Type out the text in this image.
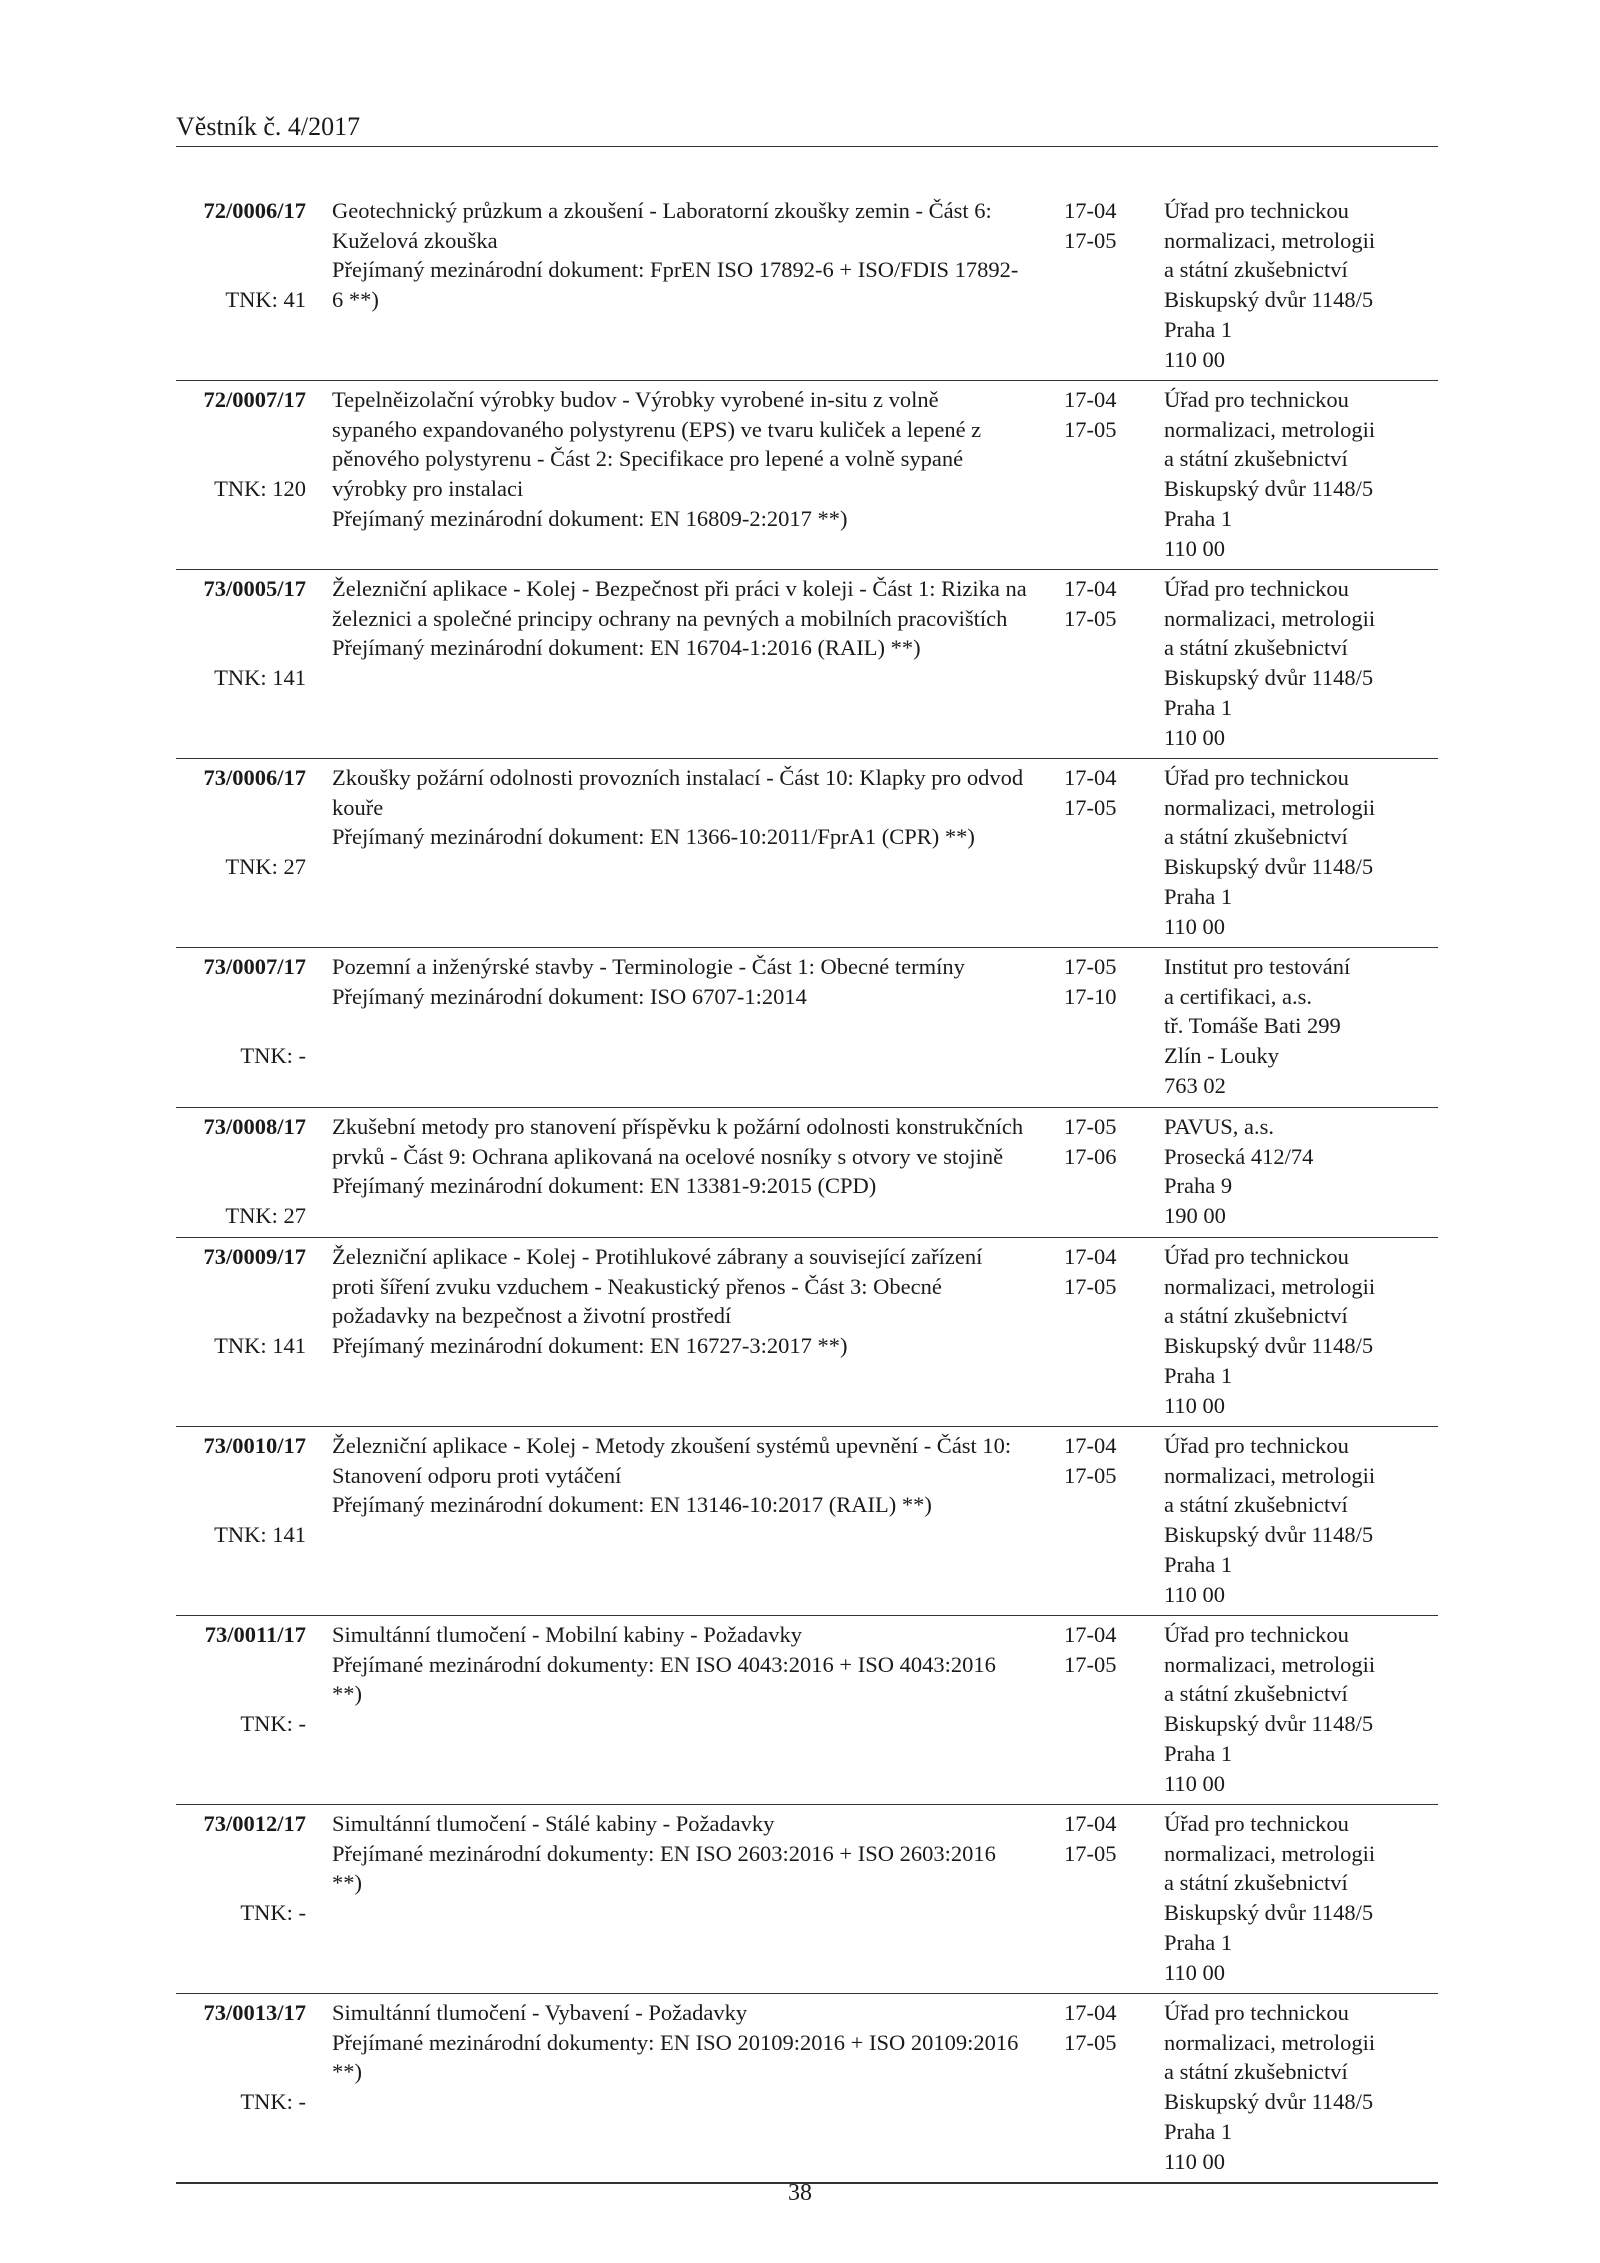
Věstník č. 4/2017
72/0006/17
TNK: 41
Geotechnický průzkum a zkoušení - Laboratorní zkoušky zemin - Část 6: Kuželová zkouška
Přejímaný mezinárodní dokument: FprEN ISO 17892-6 + ISO/FDIS 17892-6 **)
17-04
17-05
Úřad pro technickou
normalizaci, metrologii
a státní zkušebnictví
Biskupský dvůr 1148/5
Praha 1
110 00
72/0007/17
TNK: 120
Tepelněizolační výrobky budov - Výrobky vyrobené in-situ z volně sypaného expandovaného polystyrenu (EPS) ve tvaru kuliček a lepené z pěnového polystyrenu - Část 2: Specifikace pro lepené a volně sypané výrobky pro instalaci
Přejímaný mezinárodní dokument: EN 16809-2:2017 **)
17-04
17-05
Úřad pro technickou
normalizaci, metrologii
a státní zkušebnictví
Biskupský dvůr 1148/5
Praha 1
110 00
73/0005/17
TNK: 141
Železniční aplikace - Kolej - Bezpečnost při práci v koleji - Část 1: Rizika na železnici a společné principy ochrany na pevných a mobilních pracovištích
Přejímaný mezinárodní dokument: EN 16704-1:2016 (RAIL) **)
17-04
17-05
Úřad pro technickou
normalizaci, metrologii
a státní zkušebnictví
Biskupský dvůr 1148/5
Praha 1
110 00
73/0006/17
TNK: 27
Zkoušky požární odolnosti provozních instalací - Část 10: Klapky pro odvod kouře
Přejímaný mezinárodní dokument: EN 1366-10:2011/FprA1 (CPR) **)
17-04
17-05
Úřad pro technickou
normalizaci, metrologii
a státní zkušebnictví
Biskupský dvůr 1148/5
Praha 1
110 00
73/0007/17
TNK: -
Pozemní a inženýrské stavby - Terminologie - Část 1: Obecné termíny
Přejímaný mezinárodní dokument: ISO 6707-1:2014
17-05
17-10
Institut pro testování
a certifikaci, a.s.
tř. Tomáše Bati 299
Zlín - Louky
763 02
73/0008/17
TNK: 27
Zkušební metody pro stanovení příspěvku k požární odolnosti konstrukčních prvků - Část 9: Ochrana aplikovaná na ocelové nosníky s otvory ve stojině
Přejímaný mezinárodní dokument: EN 13381-9:2015 (CPD)
17-05
17-06
PAVUS, a.s.
Prosecká 412/74
Praha 9
190 00
73/0009/17
TNK: 141
Železniční aplikace - Kolej - Protihlukové zábrany a související zařízení proti šíření zvuku vzduchem - Neakustický přenos - Část 3: Obecné požadavky na bezpečnost a životní prostředí
Přejímaný mezinárodní dokument: EN 16727-3:2017 **)
17-04
17-05
Úřad pro technickou
normalizaci, metrologii
a státní zkušebnictví
Biskupský dvůr 1148/5
Praha 1
110 00
73/0010/17
TNK: 141
Železniční aplikace - Kolej - Metody zkoušení systémů upevnění - Část 10: Stanovení odporu proti vytáčení
Přejímaný mezinárodní dokument: EN 13146-10:2017 (RAIL) **)
17-04
17-05
Úřad pro technickou
normalizaci, metrologii
a státní zkušebnictví
Biskupský dvůr 1148/5
Praha 1
110 00
73/0011/17
TNK: -
Simultánní tlumočení - Mobilní kabiny - Požadavky
Přejímané mezinárodní dokumenty: EN ISO 4043:2016 + ISO 4043:2016 **)
17-04
17-05
Úřad pro technickou
normalizaci, metrologii
a státní zkušebnictví
Biskupský dvůr 1148/5
Praha 1
110 00
73/0012/17
TNK: -
Simultánní tlumočení - Stálé kabiny - Požadavky
Přejímané mezinárodní dokumenty: EN ISO 2603:2016 + ISO 2603:2016 **)
17-04
17-05
Úřad pro technickou
normalizaci, metrologii
a státní zkušebnictví
Biskupský dvůr 1148/5
Praha 1
110 00
73/0013/17
TNK: -
Simultánní tlumočení - Vybavení - Požadavky
Přejímané mezinárodní dokumenty: EN ISO 20109:2016 + ISO 20109:2016 **)
17-04
17-05
Úřad pro technickou
normalizaci, metrologii
a státní zkušebnictví
Biskupský dvůr 1148/5
Praha 1
110 00
38
